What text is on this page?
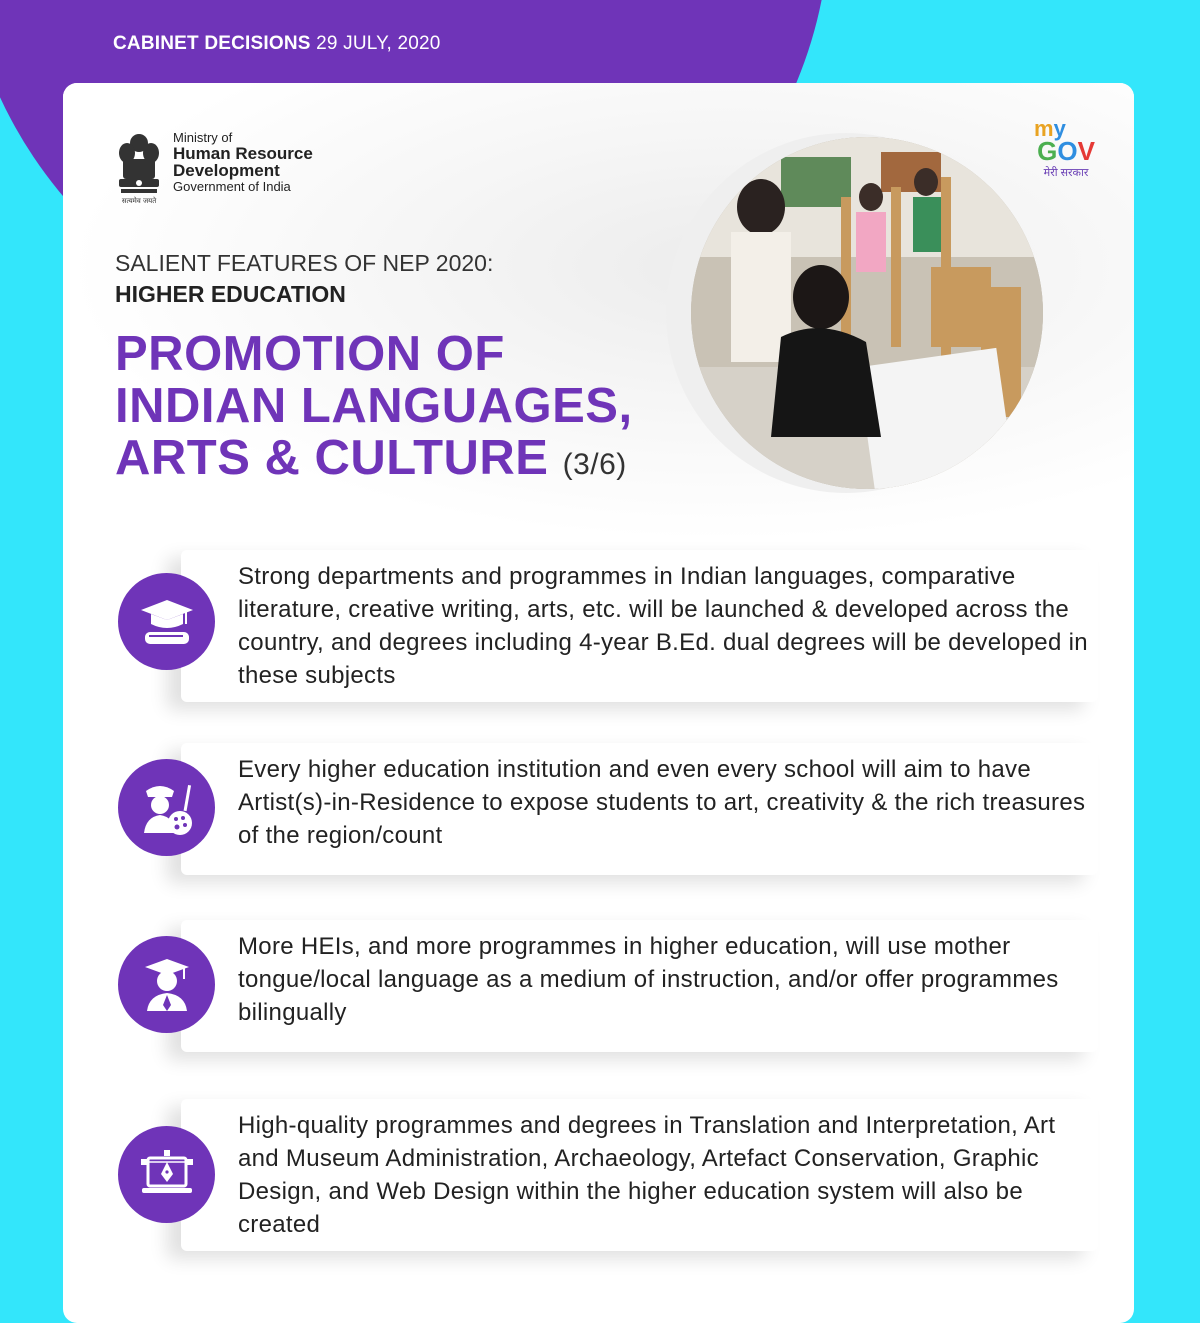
CABINET DECISIONS 29 JULY, 2020
सत्यमेव जयते
Ministry of
Human Resource
Development
Government of India
my
GOV
मेरी सरकार
SALIENT FEATURES OF NEP 2020:
HIGHER EDUCATION
PROMOTION OF
INDIAN LANGUAGES,
ARTS & CULTURE (3/6)
Strong departments and programmes in Indian languages, comparative literature, creative writing, arts, etc. will be launched & developed across the country, and degrees including 4-year B.Ed. dual degrees will be developed in these subjects
Every higher education institution and even every school will aim to have Artist(s)-in-Residence to expose students to art, creativity & the rich treasures of the region/count
More HEIs, and more programmes in higher education, will use mother tongue/local language as a medium of instruction, and/or offer programmes bilingually
High-quality programmes and degrees in Translation and Interpretation, Art and Museum Administration, Archaeology, Artefact Conservation, Graphic Design, and Web Design within the higher education system will also be created
